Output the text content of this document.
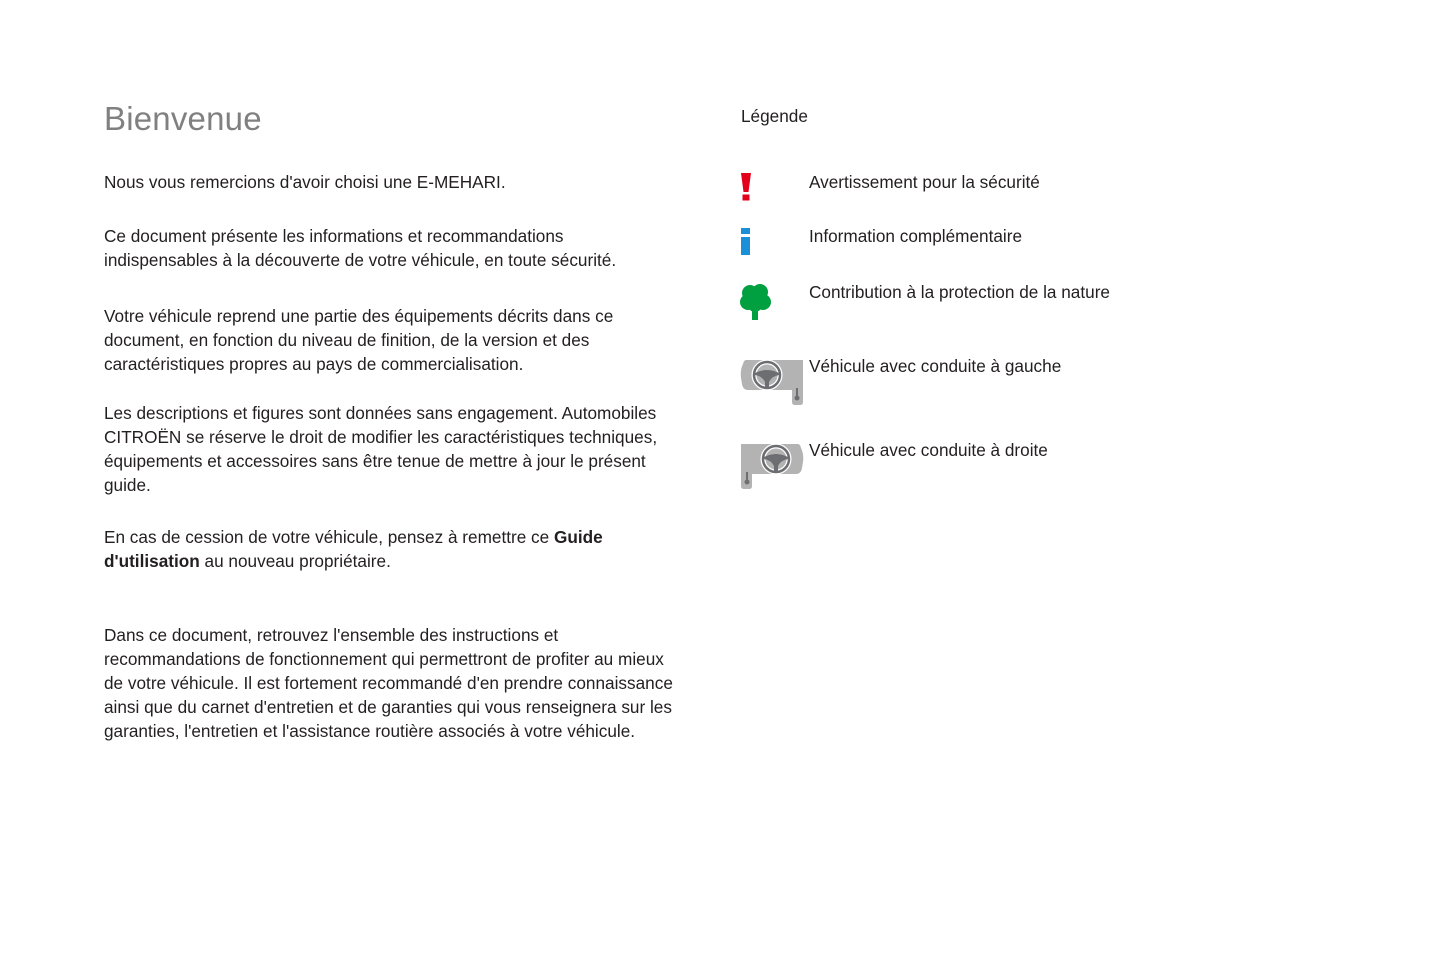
Bienvenue

Nous vous remercions d'avoir choisi une E-MEHARI.

Ce document présente les informations et recommandations indispensables à la découverte de votre véhicule, en toute sécurité.

Votre véhicule reprend une partie des équipements décrits dans ce document, en fonction du niveau de finition, de la version et des caractéristiques propres au pays de commercialisation.

Les descriptions et figures sont données sans engagement. Automobiles CITROËN se réserve le droit de modifier les caractéristiques techniques, équipements et accessoires sans être tenue de mettre à jour le présent guide.

En cas de cession de votre véhicule, pensez à remettre ce Guide d'utilisation au nouveau propriétaire.

Dans ce document, retrouvez l'ensemble des instructions et recommandations de fonctionnement qui permettront de profiter au mieux de votre véhicule. Il est fortement recommandé d'en prendre connaissance ainsi que du carnet d'entretien et de garanties qui vous renseignera sur les garanties, l'entretien et l'assistance routière associés à votre véhicule.

Légende

Avertissement pour la sécurité

Information complémentaire

Contribution à la protection de la nature

Véhicule avec conduite à gauche

Véhicule avec conduite à droite
